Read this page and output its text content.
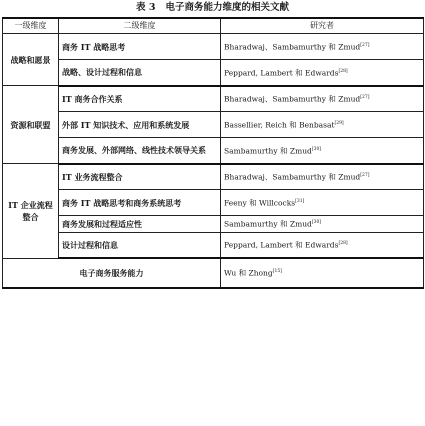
表 3 电子商务能力维度的相关文献
一级维度	二级维度	研究者
战略和愿景	商务 IT 战略思考	Bharadwaj、Sambamurthy 和 Zmud[27]
	战略、设计过程和信息	Peppard, Lambert 和 Edwards[28]
资源和联盟	IT 商务合作关系	Bharadwaj、Sambamurthy 和 Zmud[27]
	外部 IT 知识技术、应用和系统发展	Bassellier, Reich 和 Benbasat[29]
	商务发展、外部网络、线性技术领导关系	Sambamurthy 和 Zmud[30]
IT 企业流程整合	IT 业务流程整合	Bharadwaj、Sambamurthy 和 Zmud[27]
	商务 IT 战略思考和商务系统思考	Feeny 和 Willcocks[31]
	商务发展和过程适应性	Sambamurthy 和 Zmud[30]
	设计过程和信息	Peppard, Lambert 和 Edwards[28]
电子商务服务能力		Wu 和 Zhong[15]
